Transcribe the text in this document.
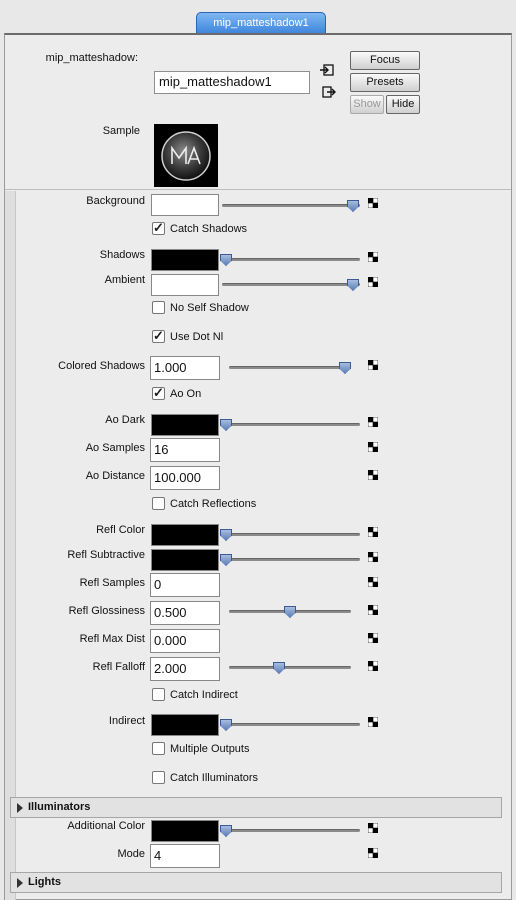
mip_matteshadow1
mip_matteshadow:
mip_matteshadow1
Focus
Presets
Show Hide
Sample
Background
✓
Catch Shadows
Shadows
Ambient
No Self Shadow
✓
Use Dot Nl
Colored Shadows 1.000
✓
Ao On
Ao Dark
Ao Samples 16
Ao Distance 100.000
Catch Reflections
Refl Color
Refl Subtractive
Refl Samples 0
Refl Glossiness 0.500
Refl Max Dist 0.000
Refl Falloff 2.000
Catch Indirect
Indirect
Multiple Outputs
Catch Illuminators
Illuminators
Additional Color
Mode 4
Lights
